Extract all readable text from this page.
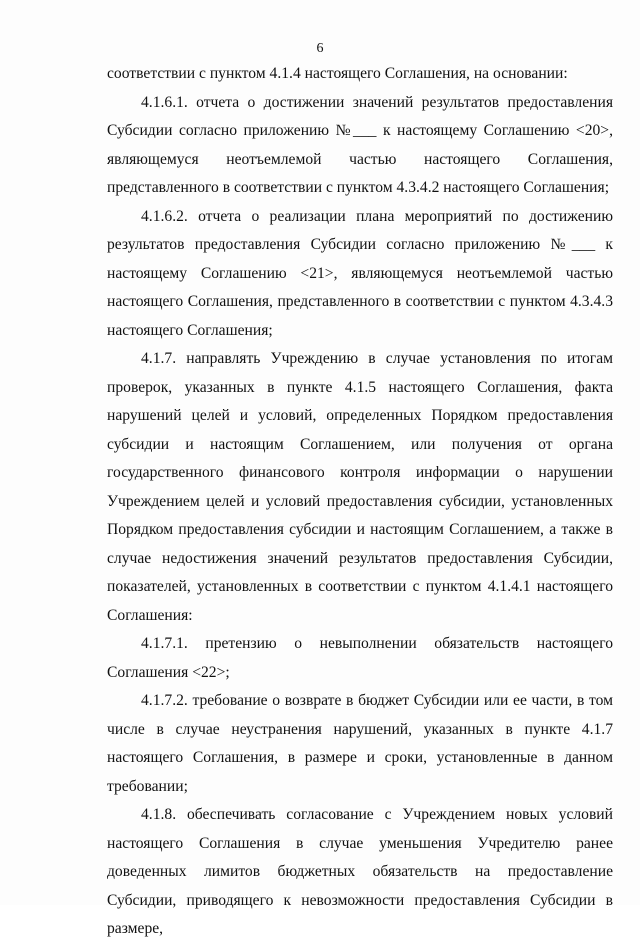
6

соответствии с пунктом 4.1.4 настоящего Соглашения, на основании:

4.1.6.1. отчета о достижении значений результатов предоставления Субсидии согласно приложению №___ к настоящему Соглашению <20>, являющемуся неотъемлемой частью настоящего Соглашения, представленного в соответствии с пунктом 4.3.4.2 настоящего Соглашения;

4.1.6.2. отчета о реализации плана мероприятий по достижению результатов предоставления Субсидии согласно приложению №___ к настоящему Соглашению <21>, являющемуся неотъемлемой частью настоящего Соглашения, представленного в соответствии с пунктом 4.3.4.3 настоящего Соглашения;

4.1.7. направлять Учреждению в случае установления по итогам проверок, указанных в пункте 4.1.5 настоящего Соглашения, факта нарушений целей и условий, определенных Порядком предоставления субсидии и настоящим Соглашением, или получения от органа государственного финансового контроля информации о нарушении Учреждением целей и условий предоставления субсидии, установленных Порядком предоставления субсидии и настоящим Соглашением, а также в случае недостижения значений результатов предоставления Субсидии, показателей, установленных в соответствии с пунктом 4.1.4.1 настоящего Соглашения:

4.1.7.1. претензию о невыполнении обязательств настоящего Соглашения <22>;

4.1.7.2. требование о возврате в бюджет Субсидии или ее части, в том числе в случае неустранения нарушений, указанных в пункте 4.1.7 настоящего Соглашения, в размере и сроки, установленные в данном требовании;

4.1.8. обеспечивать согласование с Учреждением новых условий настоящего Соглашения в случае уменьшения Учредителю ранее доведенных лимитов бюджетных обязательств на предоставление Субсидии, приводящего к невозможности предоставления Субсидии в размере,
